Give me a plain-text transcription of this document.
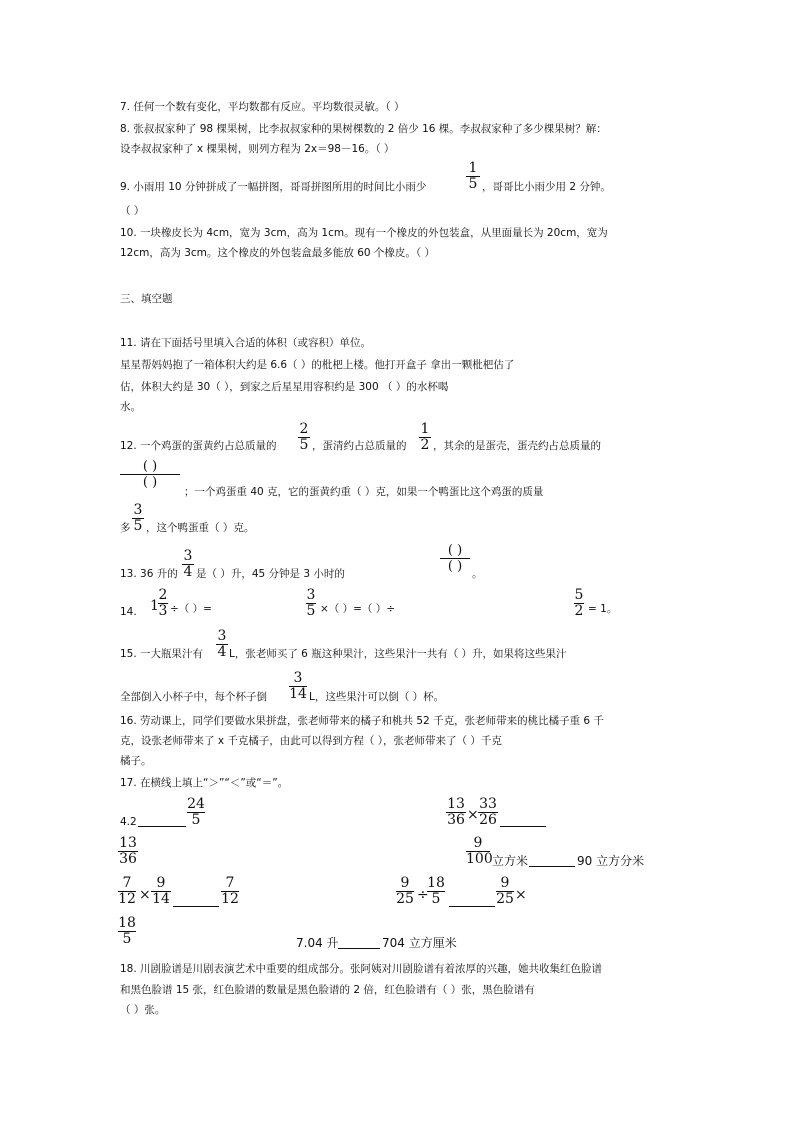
7. 任何一个数有变化，平均数都有反应。平均数很灵敏。（ ）
8. 张叔叔家种了 98 棵果树，比李叔叔家种的果树棵数的 2 倍少 16 棵。李叔叔家种了多少棵果树？解：
设李叔叔家种了 x 棵果树，则列方程为 2x＝98－16。（ ）
9. 小雨用 10 分钟拼成了一幅拼图，哥哥拼图所用的时间比小雨少
1
5 ，哥哥比小雨少用 2 分钟。
（ ）
10. 一块橡皮长为 4cm，宽为 3cm，高为 1cm。现有一个橡皮的外包装盒，从里面量长为 20cm，宽为
12cm，高为 3cm。这个橡皮的外包装盒最多能放 60 个橡皮。（ ）
三、填空题
11. 请在下面括号里填入合适的体积（或容积）单位。
星星帮妈妈抱了一箱体积大约是 6.6（ ）的枇杷上楼。他打开盒子 拿出一颗枇杷估了
估，体积大约是 30（ ），到家之后星星用容积约是 300 （ ）的水杯喝
水。
12. 一个鸡蛋的蛋黄约占总质量的
2
5 ，蛋清约占总质量的
1
2 ，其余的是蛋壳，蛋壳约占总质量的
( )
( )
；一个鸡蛋重 40 克，它的蛋黄约重（ ）克，如果一个鸭蛋比这个鸡蛋的质量
多
3
5 ，这个鸭蛋重（ ）克。
13. 36 升的
3
4 是（ ）升，45 分钟是 3 小时的
( )
( ) 。
14. 1
2
3 ÷（ ）=
3
5 ×（ ）=（ ）÷
5
2 = 1。
15. 一大瓶果汁有
3
4 L，张老师买了 6 瓶这种果汁，这些果汁一共有（ ）升，如果将这些果汁
全部倒入小杯子中，每个杯子倒
3
14 L，这些果汁可以倒（ ）杯。
16. 劳动课上，同学们要做水果拼盘，张老师带来的橘子和桃共 52 千克，张老师带来的桃比橘子重 6 千
克，设张老师带来了 x 千克橘子，由此可以得到方程（ ），张老师带来了（ ）千克
橘子。
17. 在横线上填上“＞”“＜”或“＝”。
4.2
24
5
13
36 ×
33
26
13
36
9
100 立方米	90 立方分米
7
12 ×
9
14
7
12
9
25 ÷
18
5
9
25 ×
18
5	7.04 升	704 立方厘米
18. 川剧脸谱是川剧表演艺术中重要的组成部分。张阿姨对川剧脸谱有着浓厚的兴趣，她共收集红色脸谱
和黑色脸谱 15 张，红色脸谱的数量是黑色脸谱的 2 倍，红色脸谱有（ ）张，黑色脸谱有
（ ）张。
